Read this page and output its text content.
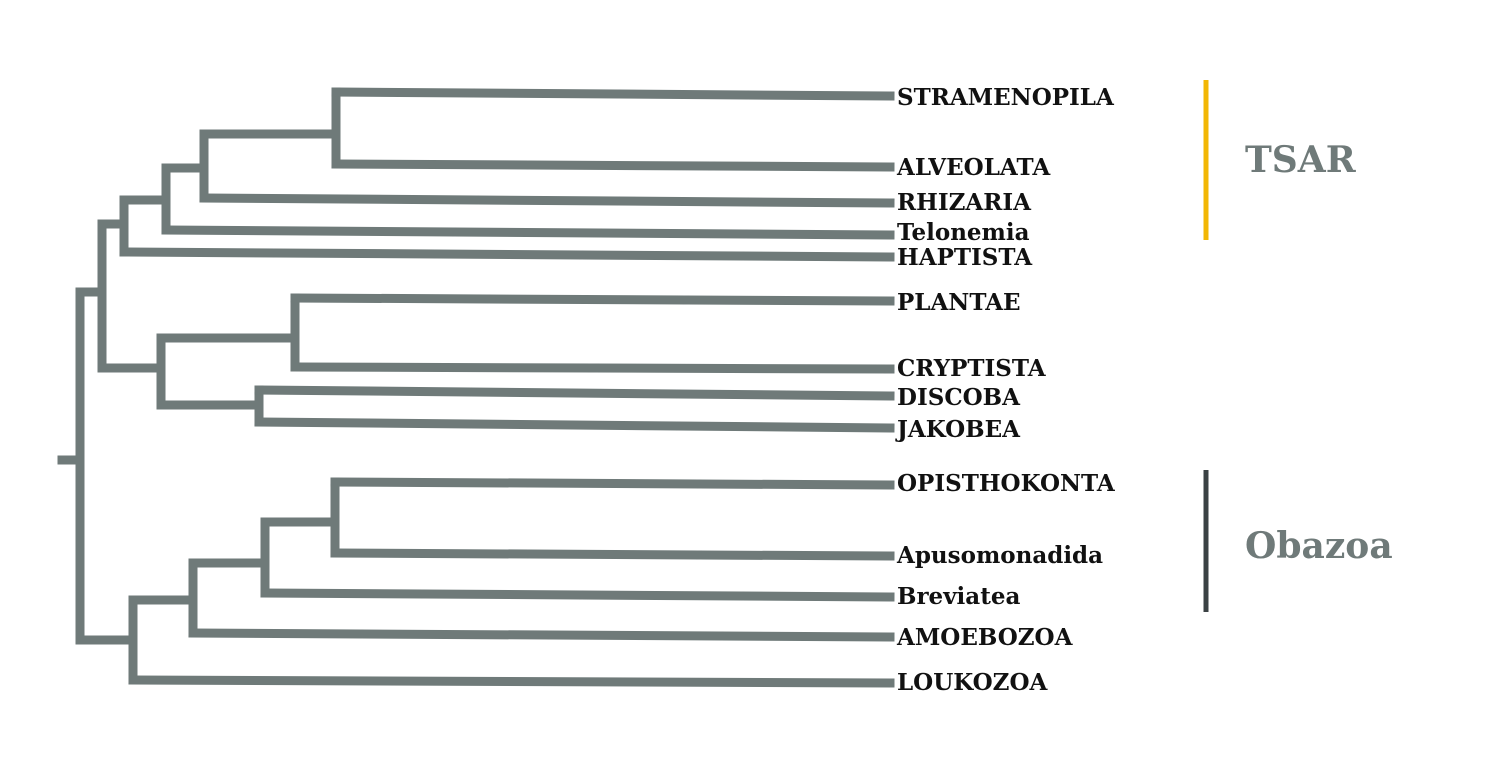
STRAMENOPILA
ALVEOLATA
RHIZARIA
Telonemia
HAPTISTA
PLANTAE
CRYPTISTA
DISCOBA
JAKOBEA
OPISTHOKONTA
Apusomonadida
Breviatea
AMOEBOZOA
LOUKOZOA
TSAR
Obazoa
